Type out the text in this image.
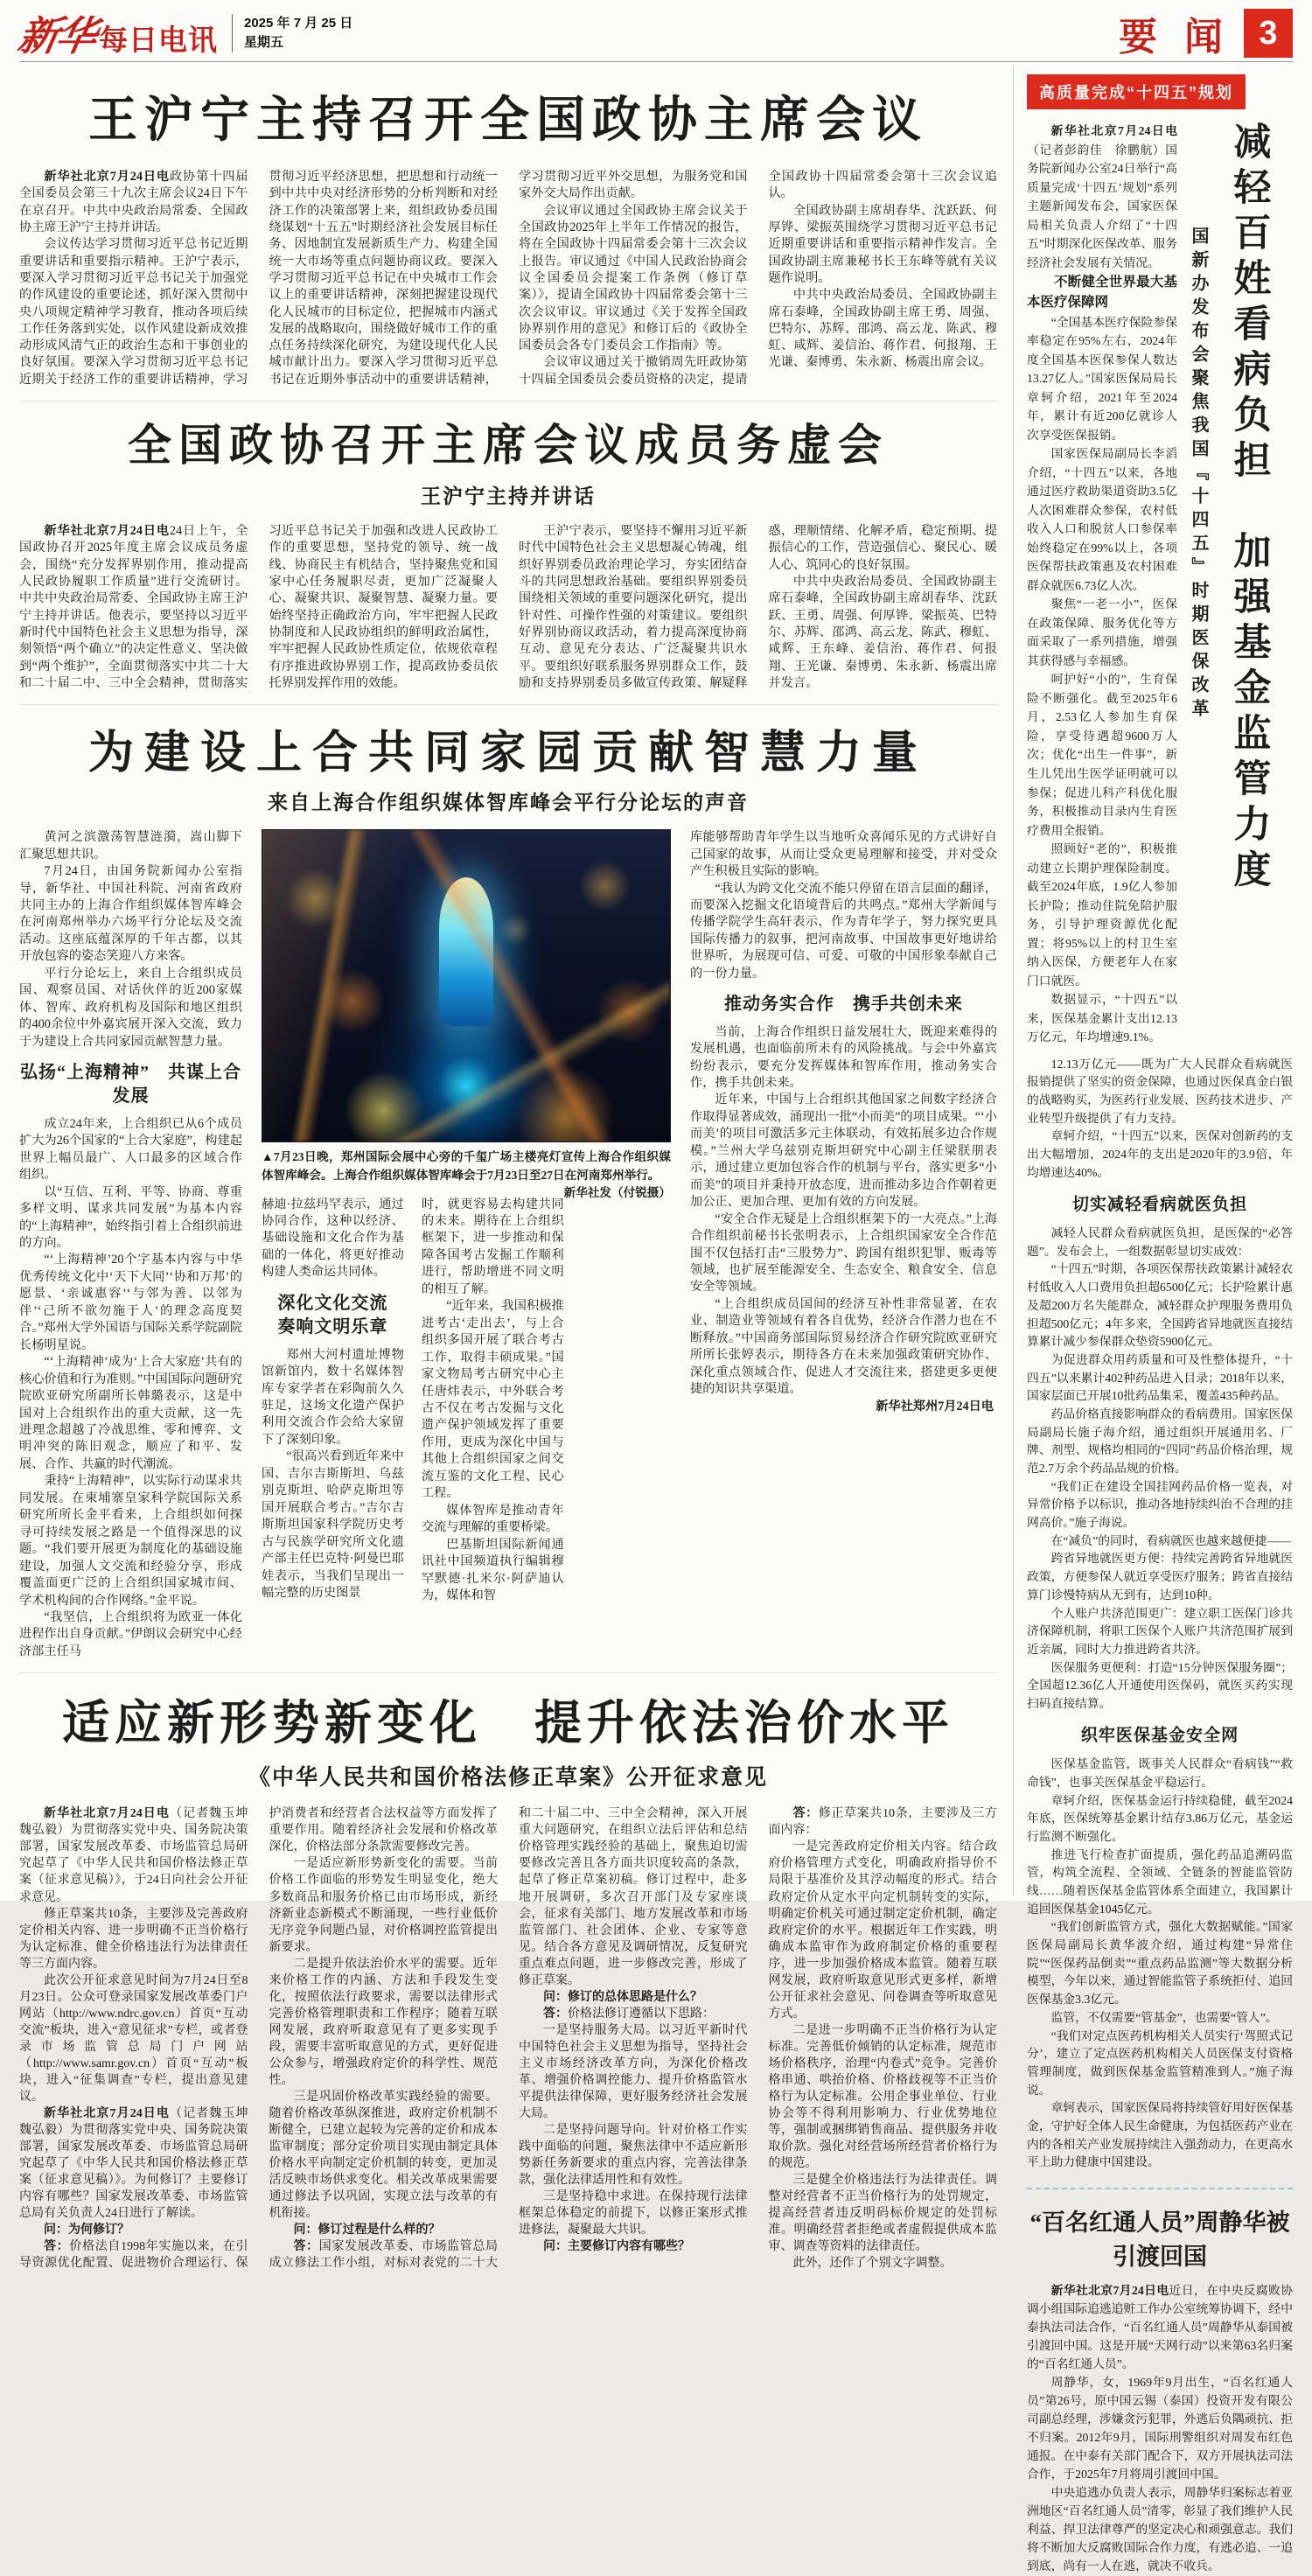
新华 每日电讯
2025 年 7 月 25 日
星期五	要 闻 3
王沪宁主持召开全国政协主席会议

新华社北京7月24日电政协第十四届全国委员会第三十九次主席会议24日下午在京召开。中共中央政治局常委、全国政协主席王沪宁主持并讲话。

会议传达学习贯彻习近平总书记近期重要讲话和重要指示精神。王沪宁表示，要深入学习贯彻习近平总书记关于加强党的作风建设的重要论述，抓好深入贯彻中央八项规定精神学习教育，推动各项后续工作任务落到实处，以作风建设新成效推动形成风清气正的政治生态和干事创业的良好氛围。要深入学习贯彻习近平总书记近期关于经济工作的重要讲话精神，学习贯彻习近平经济思想，把思想和行动统一到中共中央对经济形势的分析判断和对经济工作的决策部署上来，组织政协委员围绕谋划“十五五”时期经济社会发展目标任务、因地制宜发展新质生产力、构建全国统一大市场等重点问题协商议政。要深入学习贯彻习近平总书记在中央城市工作会议上的重要讲话精神，深刻把握建设现代化人民城市的目标定位，把握城市内涵式发展的战略取向，围绕做好城市工作的重点任务持续深化研究，为建设现代化人民城市献计出力。要深入学习贯彻习近平总书记在近期外事活动中的重要讲话精神，学习贯彻习近平外交思想，为服务党和国家外交大局作出贡献。

会议审议通过全国政协主席会议关于全国政协2025年上半年工作情况的报告，将在全国政协十四届常委会第十三次会议上报告。审议通过《中国人民政治协商会议全国委员会提案工作条例（修订草案）》，提请全国政协十四届常委会第十三次会议审议。审议通过《关于发挥全国政协界别作用的意见》和修订后的《政协全国委员会各专门委员会工作指南》等。

会议审议通过关于撤销周先旺政协第十四届全国委员会委员资格的决定，提请全国政协十四届常委会第十三次会议追认。

全国政协副主席胡春华、沈跃跃、何厚铧、梁振英围绕学习贯彻习近平总书记近期重要讲话和重要指示精神作发言。全国政协副主席兼秘书长王东峰等就有关议题作说明。

中共中央政治局委员、全国政协副主席石泰峰，全国政协副主席王勇、周强、巴特尔、苏辉、邵鸿、高云龙、陈武、穆虹、咸辉、姜信治、蒋作君、何报翔、王光谦、秦博勇、朱永新、杨震出席会议。

全国政协召开主席会议成员务虚会
王沪宁主持并讲话

新华社北京7月24日电24日上午，全国政协召开2025年度主席会议成员务虚会，围绕“充分发挥界别作用，推动提高人民政协履职工作质量”进行交流研讨。中共中央政治局常委、全国政协主席王沪宁主持并讲话。他表示，要坚持以习近平新时代中国特色社会主义思想为指导，深刻领悟“两个确立”的决定性意义、坚决做到“两个维护”，全面贯彻落实中共二十大和二十届二中、三中全会精神，贯彻落实习近平总书记关于加强和改进人民政协工作的重要思想，坚持党的领导、统一战线、协商民主有机结合，坚持聚焦党和国家中心任务履职尽责，更加广泛凝聚人心、凝聚共识、凝聚智慧、凝聚力量。要始终坚持正确政治方向，牢牢把握人民政协制度和人民政协组织的鲜明政治属性，牢牢把握人民政协性质定位，依规依章程有序推进政协界别工作，提高政协委员依托界别发挥作用的效能。

王沪宁表示，要坚持不懈用习近平新时代中国特色社会主义思想凝心铸魂，组织好界别委员政治理论学习，夯实团结奋斗的共同思想政治基础。要组织界别委员围绕相关领域的重要问题深化研究，提出针对性、可操作性强的对策建议。要组织好界别协商议政活动，着力提高深度协商互动、意见充分表达、广泛凝聚共识水平。要组织好联系服务界别群众工作，鼓励和支持界别委员多做宣传政策、解疑释惑，理顺情绪、化解矛盾，稳定预期、提振信心的工作，营造强信心、聚民心、暖人心、筑同心的良好氛围。

中共中央政治局委员、全国政协副主席石泰峰，全国政协副主席胡春华、沈跃跃、王勇、周强、何厚铧、梁振英、巴特尔、苏辉、邵鸿、高云龙、陈武、穆虹、咸辉、王东峰、姜信治、蒋作君、何报翔、王光谦、秦博勇、朱永新、杨震出席并发言。

为建设上合共同家园贡献智慧力量
来自上海合作组织媒体智库峰会平行分论坛的声音

黄河之滨激荡智慧涟漪，嵩山脚下汇聚思想共识。

7月24日，由国务院新闻办公室指导，新华社、中国社科院、河南省政府共同主办的上海合作组织媒体智库峰会在河南郑州举办六场平行分论坛及交流活动。这座底蕴深厚的千年古都，以其开放包容的姿态笑迎八方来客。

平行分论坛上，来自上合组织成员国、观察员国、对话伙伴的近200家媒体、智库、政府机构及国际和地区组织的400余位中外嘉宾展开深入交流，致力于为建设上合共同家园贡献智慧力量。

弘扬“上海精神”　共谋上合发展

成立24年来，上合组织已从6个成员扩大为26个国家的“上合大家庭”，构建起世界上幅员最广、人口最多的区域合作组织。

以“互信、互利、平等、协商、尊重多样文明、谋求共同发展”为基本内容的“上海精神”，始终指引着上合组织前进的方向。

“‘上海精神’20个字基本内容与中华优秀传统文化中‘天下大同’‘协和万邦’的愿景、‘亲诚惠容’‘与邻为善、以邻为伴’‘己所不欲勿施于人’的理念高度契合。”郑州大学外国语与国际关系学院副院长杨明星说。

“‘上海精神’成为‘上合大家庭’共有的核心价值和行为准则。”中国国际问题研究院欧亚研究所副所长韩璐表示，这是中国对上合组织作出的重大贡献，这一先进理念超越了冷战思维、零和博弈、文明冲突的陈旧观念，顺应了和平、发展、合作、共赢的时代潮流。

秉持“上海精神”，以实际行动谋求共同发展。在柬埔寨皇家科学院国际关系研究所所长金平看来，上合组织如何探寻可持续发展之路是一个值得深思的议题。“我们要开展更为制度化的基础设施建设，加强人文交流和经验分享，形成覆盖面更广泛的上合组织国家城市间、学术机构间的合作网络。”金平说。

“我坚信，上合组织将为欧亚一体化进程作出自身贡献。”伊朗议会研究中心经济部主任马

▲7月23日晚，郑州国际会展中心旁的千玺广场主楼亮灯宣传上海合作组织媒体智库峰会。上海合作组织媒体智库峰会于7月23日至27日在河南郑州举行。
新华社发（付锐摄）

赫迪·拉兹玛罕表示，通过协同合作，这种以经济、基础设施和文化合作为基础的一体化，将更好推动构建人类命运共同体。

深化文化交流　奏响文明乐章

郑州大河村遗址博物馆新馆内，数十名媒体智库专家学者在彩陶前久久驻足，这场文化遗产保护利用交流合作会给大家留下了深刻印象。

“很高兴看到近年来中国、吉尔吉斯斯坦、乌兹别克斯坦、哈萨克斯坦等国开展联合考古。”吉尔吉斯斯坦国家科学院历史考古与民族学研究所文化遗产部主任巴克特·阿曼巴耶娃表示，当我们呈现出一幅完整的历史图景

时，就更容易去构建共同的未来。期待在上合组织框架下，进一步推动和保障各国考古发掘工作顺利进行，帮助增进不同文明的相互了解。

“近年来，我国积极推进考古‘走出去’，与上合组织多国开展了联合考古工作，取得丰硕成果。”国家文物局考古研究中心主任唐炜表示，中外联合考古不仅在考古发掘与文化遗产保护领域发挥了重要作用，更成为深化中国与其他上合组织国家之间交流互鉴的文化工程、民心工程。

媒体智库是推动青年交流与理解的重要桥梁。

巴基斯坦国际新闻通讯社中国频道执行编辑穆罕默德·扎米尔·阿萨迪认为，媒体和智

库能够帮助青年学生以当地听众喜闻乐见的方式讲好自己国家的故事，从而让受众更易理解和接受，并对受众产生积极且实际的影响。

“我认为跨文化交流不能只停留在语言层面的翻译，而要深入挖掘文化语境背后的共鸣点。”郑州大学新闻与传播学院学生高轩表示，作为青年学子，努力探究更具国际传播力的叙事，把河南故事、中国故事更好地讲给世界听，为展现可信、可爱、可敬的中国形象奉献自己的一份力量。

推动务实合作　携手共创未来

当前，上海合作组织日益发展壮大，既迎来难得的发展机遇，也面临前所未有的风险挑战。与会中外嘉宾纷纷表示，要充分发挥媒体和智库作用，推动务实合作，携手共创未来。

近年来，中国与上合组织其他国家之间数字经济合作取得显著成效，涌现出一批“小而美”的项目成果。“‘小而美’的项目可激活多元主体联动，有效拓展多边合作规模。”兰州大学乌兹别克斯坦研究中心副主任梁朕朋表示，通过建立更加包容合作的机制与平台，落实更多“小而美”的项目并秉持开放态度，进而推动多边合作朝着更加公正、更加合理、更加有效的方向发展。

“安全合作无疑是上合组织框架下的一大亮点。”上海合作组织前秘书长张明表示，上合组织国家安全合作范围不仅包括打击“三股势力”、跨国有组织犯罪、贩毒等领域，也扩展至能源安全、生态安全、粮食安全、信息安全等领域。

“上合组织成员国间的经济互补性非常显著，在农业、制造业等领域有着各自优势，经济合作潜力也在不断释放。”中国商务部国际贸易经济合作研究院欧亚研究所所长张婷表示，期待各方在未来加强政策研究协作、深化重点领域合作、促进人才交流往来，搭建更多更便捷的知识共享渠道。

新华社郑州7月24日电

适应新形势新变化　提升依法治价水平
《中华人民共和国价格法修正草案》公开征求意见

新华社北京7月24日电（记者魏玉坤　魏弘毅）为贯彻落实党中央、国务院决策部署，国家发展改革委、市场监管总局研究起草了《中华人民共和国价格法修正草案（征求意见稿）》，于24日向社会公开征求意见。

修正草案共10条，主要涉及完善政府定价相关内容、进一步明确不正当价格行为认定标准、健全价格违法行为法律责任等三方面内容。

此次公开征求意见时间为7月24日至8月23日。公众可登录国家发展改革委门户网站（http://www.ndrc.gov.cn）首页“互动交流”板块，进入“意见征求”专栏，或者登录市场监管总局门户网站（http://www.samr.gov.cn）首页“互动”板块，进入“征集调查”专栏，提出意见建议。

新华社北京7月24日电（记者魏玉坤　魏弘毅）为贯彻落实党中央、国务院决策部署，国家发展改革委、市场监管总局研究起草了《中华人民共和国价格法修正草案（征求意见稿）》。为何修订？主要修订内容有哪些？国家发展改革委、市场监管总局有关负责人24日进行了解读。

问：为何修订？

答：价格法自1998年实施以来，在引导资源优化配置、促进物价合理运行、保护消费者和经营者合法权益等方面发挥了重要作用。随着经济社会发展和价格改革深化，价格法部分条款需要修改完善。

一是适应新形势新变化的需要。当前价格工作面临的形势发生明显变化，绝大多数商品和服务价格已由市场形成，新经济新业态新模式不断涌现，一些行业低价无序竞争问题凸显，对价格调控监管提出新要求。

二是提升依法治价水平的需要。近年来价格工作的内涵、方法和手段发生变化，按照依法行政要求，需要以法律形式完善价格管理职责和工作程序；随着互联网发展，政府听取意见有了更多实现手段，需要丰富听取意见的方式，更好促进公众参与，增强政府定价的科学性、规范性。

三是巩固价格改革实践经验的需要。随着价格改革纵深推进，政府定价机制不断健全，已建立起较为完善的定价和成本监审制度；部分定价项目实现由制定具体价格水平向制定定价机制的转变，更加灵活反映市场供求变化。相关改革成果需要通过修法予以巩固，实现立法与改革的有机衔接。

问：修订过程是什么样的？

答：国家发展改革委、市场监管总局成立修法工作小组，对标对表党的二十大和二十届二中、三中全会精神，深入开展重大问题研究，在组织立法后评估和总结价格管理实践经验的基础上，聚焦迫切需要修改完善且各方面共识度较高的条款，起草了修正草案初稿。修订过程中，赴多地开展调研，多次召开部门及专家座谈会，征求有关部门、地方发展改革和市场监管部门、社会团体、企业、专家等意见。结合各方意见及调研情况，反复研究重点难点问题，进一步修改完善，形成了修正草案。

问：修订的总体思路是什么？

答：价格法修订遵循以下思路：

一是坚持服务大局。以习近平新时代中国特色社会主义思想为指导，坚持社会主义市场经济改革方向，为深化价格改革、增强价格调控能力、提升价格监管水平提供法律保障，更好服务经济社会发展大局。

二是坚持问题导向。针对价格工作实践中面临的问题，聚焦法律中不适应新形势新任务新要求的重点内容，完善法律条款，强化法律适用性和有效性。

三是坚持稳中求进。在保持现行法律框架总体稳定的前提下，以修正案形式推进修法，凝聚最大共识。

问：主要修订内容有哪些？

答：修正草案共10条，主要涉及三方面内容：

一是完善政府定价相关内容。结合政府价格管理方式变化，明确政府指导价不局限于基准价及其浮动幅度的形式。结合政府定价从定水平向定机制转变的实际，明确定价机关可通过制定定价机制，确定政府定价的水平。根据近年工作实践，明确成本监审作为政府制定价格的重要程序，进一步加强价格成本监管。随着互联网发展，政府听取意见形式更多样，新增公开征求社会意见、问卷调查等听取意见方式。

二是进一步明确不正当价格行为认定标准。完善低价倾销的认定标准，规范市场价格秩序，治理“内卷式”竞争。完善价格串通、哄抬价格、价格歧视等不正当价格行为认定标准。公用企事业单位、行业协会等不得利用影响力、行业优势地位等，强制或捆绑销售商品、提供服务并收取价款。强化对经营场所经营者价格行为的规范。

三是健全价格违法行为法律责任。调整对经营者不正当价格行为的处罚规定，提高经营者违反明码标价规定的处罚标准。明确经营者拒绝或者虚假提供成本监审、调查等资料的法律责任。

此外，还作了个别文字调整。

高质量完成“十四五”规划

新华社北京7月24日电（记者彭韵佳　徐鹏航）国务院新闻办公室24日举行“高质量完成‘十四五’规划”系列主题新闻发布会，国家医保局相关负责人介绍了“十四五”时期深化医保改革、服务经济社会发展有关情况。

不断健全世界最大基本医疗保障网

“全国基本医疗保险参保率稳定在95%左右，2024年度全国基本医保参保人数达13.27亿人。”国家医保局局长章轲介绍，2021年至2024年，累计有近200亿就诊人次享受医保报销。

国家医保局副局长李滔介绍，“十四五”以来，各地通过医疗救助渠道资助3.5亿人次困难群众参保，农村低收入人口和脱贫人口参保率始终稳定在99%以上，各项医保帮扶政策惠及农村困难群众就医6.73亿人次。

聚焦“一老一小”，医保在政策保障、服务优化等方面采取了一系列措施，增强其获得感与幸福感。

呵护好“小的”，生育保险不断强化。截至2025年6月，2.53亿人参加生育保险，享受待遇超9600万人次；优化“出生一件事”，新生儿凭出生医学证明就可以参保；促进儿科产科优化服务，积极推动目录内生育医疗费用全报销。

照顾好“老的”，积极推动建立长期护理保险制度。截至2024年底，1.9亿人参加长护险；推动住院免陪护服务，引导护理资源优化配置；将95%以上的村卫生室纳入医保，方便老年人在家门口就医。

数据显示，“十四五”以来，医保基金累计支出12.13万亿元，年均增速9.1%。

国新办发布会聚焦我国『十四五』时期医保改革 减轻百姓看病负担　加强基金监管力度

12.13万亿元——既为广大人民群众看病就医报销提供了坚实的资金保障，也通过医保真金白银的战略购买，为医药行业发展、医药技术进步、产业转型升级提供了有力支持。

章轲介绍，“十四五”以来，医保对创新药的支出大幅增加，2024年的支出是2020年的3.9倍，年均增速达40%。

切实减轻看病就医负担

减轻人民群众看病就医负担，是医保的“必答题”。发布会上，一组数据彰显切实成效：

“十四五”时期，各项医保帮扶政策累计减轻农村低收入人口费用负担超6500亿元；长护险累计惠及超200万名失能群众，减轻群众护理服务费用负担超500亿元；4年多来，全国跨省异地就医直接结算累计减少参保群众垫资5900亿元。

为促进群众用药质量和可及性整体提升，“十四五”以来累计402种药品进入目录；2018年以来，国家层面已开展10批药品集采，覆盖435种药品。

药品价格直接影响群众的看病费用。国家医保局副局长施子海介绍，通过组织开展通用名、厂牌、剂型、规格均相同的“四同”药品价格治理，规范2.7万余个药品品规的价格。

“我们正在建设全国挂网药品价格一览表，对异常价格予以标识，推动各地持续纠治不合理的挂网高价。”施子海说。

在“减负”的同时，看病就医也越来越便捷——

跨省异地就医更方便：持续完善跨省异地就医政策，方便参保人就近享受医疗服务；跨省直接结算门诊慢特病从无到有，达到10种。

个人账户共济范围更广：建立职工医保门诊共济保障机制，将职工医保个人账户共济范围扩展到近亲属，同时大力推进跨省共济。

医保服务更便利：打造“15分钟医保服务圈”；全国超12.36亿人开通使用医保码，就医买药实现扫码直接结算。

织牢医保基金安全网

医保基金监管，既事关人民群众“看病钱”“救命钱”，也事关医保基金平稳运行。

章轲介绍，医保基金运行持续稳健，截至2024年底，医保统筹基金累计结存3.86万亿元，基金运行监测不断强化。

推进飞行检查扩面提质，强化药品追溯码监管，构筑全流程、全领域、全链条的智能监管防线……随着医保基金监管体系全面建立，我国累计追回医保基金1045亿元。

“我们创新监管方式，强化大数据赋能。”国家医保局副局长黄华波介绍，通过构建“异常住院”“医保药品倒卖”“重点药品监测”等大数据分析模型，今年以来，通过智能监管子系统拒付、追回医保基金3.3亿元。

监管，不仅需要“管基金”，也需要“管人”。

“我们对定点医药机构相关人员实行‘驾照式记分’，建立了定点医药机构相关人员医保支付资格管理制度，做到医保基金监管精准到人。”施子海说。

章轲表示，国家医保局将持续管好用好医保基金，守护好全体人民生命健康，为包括医药产业在内的各相关产业发展持续注入强劲动力，在更高水平上助力健康中国建设。

“百名红通人员”周静华被引渡回国

新华社北京7月24日电近日，在中央反腐败协调小组国际追逃追赃工作办公室统筹协调下，经中泰执法司法合作，“百名红通人员”周静华从泰国被引渡回中国。这是开展“天网行动”以来第63名归案的“百名红通人员”。

周静华，女，1969年9月出生，“百名红通人员”第26号，原中国云锡（泰国）投资开发有限公司副总经理，涉嫌贪污犯罪，外逃后负隅顽抗、拒不归案。2012年9月，国际刑警组织对周发布红色通报。在中泰有关部门配合下，双方开展执法司法合作，于2025年7月将周引渡回中国。

中央追逃办负责人表示，周静华归案标志着亚洲地区“百名红通人员”清零，彰显了我们维护人民利益、捍卫法律尊严的坚定决心和顽强意志。我们将不断加大反腐败国际合作力度，有逃必追、一追到底，尚有一人在逃，就决不收兵。
